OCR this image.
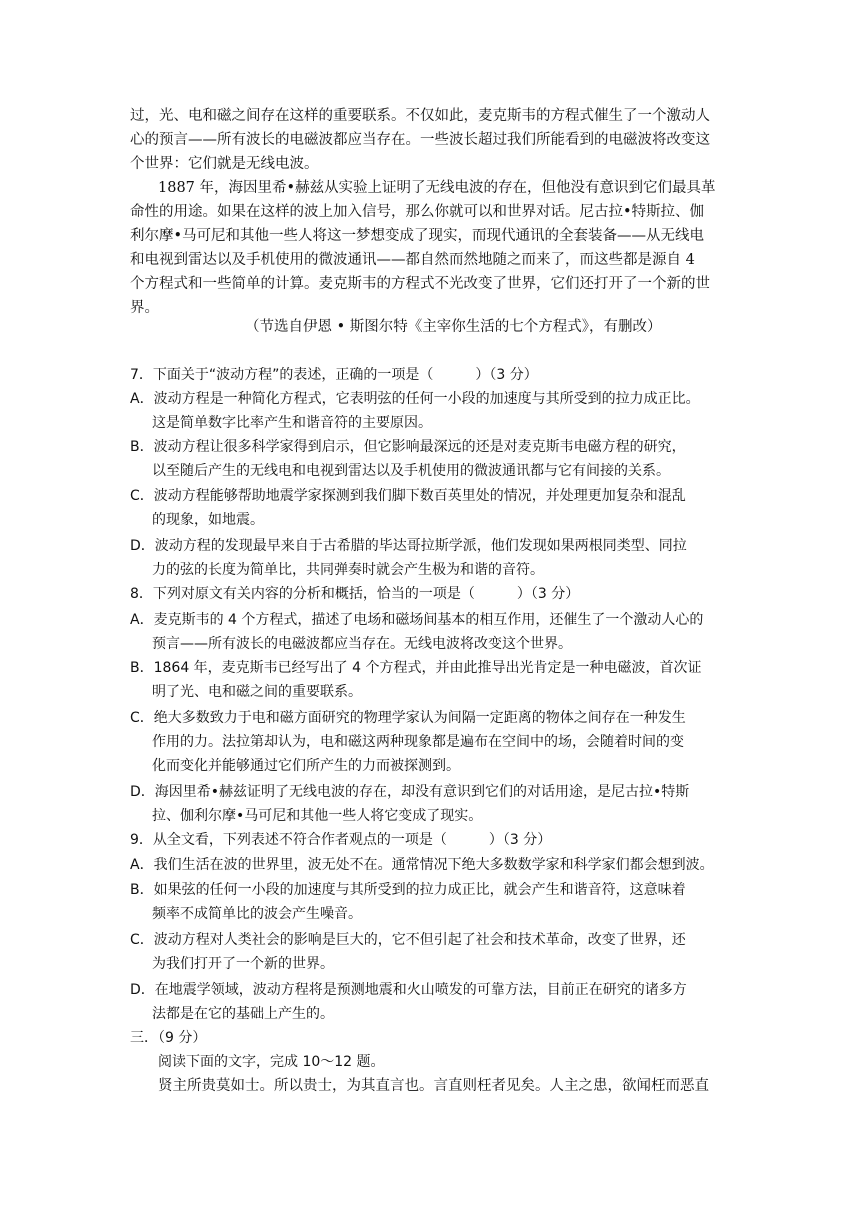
过，光、电和磁之间存在这样的重要联系。不仅如此，麦克斯韦的方程式催生了一个激动人
心的预言——所有波长的电磁波都应当存在。一些波长超过我们所能看到的电磁波将改变这
个世界：它们就是无线电波。
1887 年，海因里希•赫兹从实验上证明了无线电波的存在，但他没有意识到它们最具革
命性的用途。如果在这样的波上加入信号，那么你就可以和世界对话。尼古拉•特斯拉、伽
利尔摩•马可尼和其他一些人将这一梦想变成了现实，而现代通讯的全套装备——从无线电
和电视到雷达以及手机使用的微波通讯——都自然而然地随之而来了，而这些都是源自 4
个方程式和一些简单的计算。麦克斯韦的方程式不光改变了世界，它们还打开了一个新的世
界。
（节选自伊恩 • 斯图尔特《主宰你生活的七个方程式》，有删改）
7．下面关于“波动方程”的表述，正确的一项是（　　　）（3 分）
A．波动方程是一种简化方程式，它表明弦的任何一小段的加速度与其所受到的拉力成正比。
这是简单数字比率产生和谐音符的主要原因。
B．波动方程让很多科学家得到启示，但它影响最深远的还是对麦克斯韦电磁方程的研究，
以至随后产生的无线电和电视到雷达以及手机使用的微波通讯都与它有间接的关系。
C．波动方程能够帮助地震学家探测到我们脚下数百英里处的情况，并处理更加复杂和混乱
的现象，如地震。
D．波动方程的发现最早来自于古希腊的毕达哥拉斯学派，他们发现如果两根同类型、同拉
力的弦的长度为简单比，共同弹奏时就会产生极为和谐的音符。
8．下列对原文有关内容的分析和概括，恰当的一项是（　　　）（3 分）
A．麦克斯韦的 4 个方程式，描述了电场和磁场间基本的相互作用，还催生了一个激动人心的
预言——所有波长的电磁波都应当存在。无线电波将改变这个世界。
B．1864 年，麦克斯韦已经写出了 4 个方程式，并由此推导出光肯定是一种电磁波，首次证
明了光、电和磁之间的重要联系。
C．绝大多数致力于电和磁方面研究的物理学家认为间隔一定距离的物体之间存在一种发生
作用的力。法拉第却认为，电和磁这两种现象都是遍布在空间中的场，会随着时间的变
化而变化并能够通过它们所产生的力而被探测到。
D．海因里希•赫兹证明了无线电波的存在，却没有意识到它们的对话用途，是尼古拉•特斯
拉、伽利尔摩•马可尼和其他一些人将它变成了现实。
9．从全文看，下列表述不符合作者观点的一项是（　　　）（3 分）
A．我们生活在波的世界里，波无处不在。通常情况下绝大多数数学家和科学家们都会想到波。
B．如果弦的任何一小段的加速度与其所受到的拉力成正比，就会产生和谐音符，这意味着
频率不成简单比的波会产生噪音。
C．波动方程对人类社会的影响是巨大的，它不但引起了社会和技术革命，改变了世界，还
为我们打开了一个新的世界。
D．在地震学领域，波动方程将是预测地震和火山喷发的可靠方法，目前正在研究的诸多方
法都是在它的基础上产生的。
三．（9 分）
阅读下面的文字，完成 10～12 题。
贤主所贵莫如士。所以贵士，为其直言也。言直则枉者见矣。人主之患，欲闻枉而恶直
